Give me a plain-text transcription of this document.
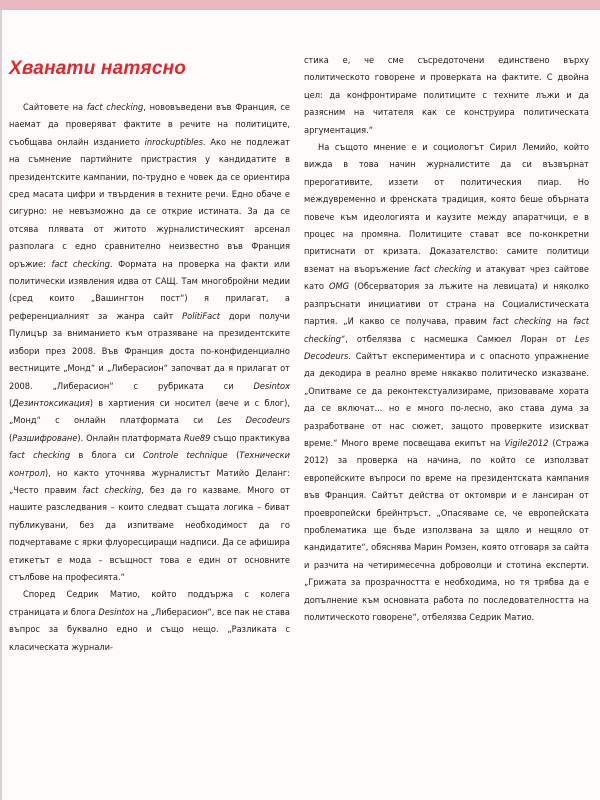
Хванати натясно

Сайтовете на fact checking, нововъведени във Франция, се наемат да проверяват фактите в речите на политиците, съобщава онлайн изданието inrockuptibles. Ако не подлежат на съмнение партийните пристрастия у кандидатите в президентските кампании, по-трудно е човек да се ориентира сред масата цифри и твърдения в техните речи. Едно обаче е сигурно: не невъзможно да се открие истината. За да се отсява плявата от житото журналистическият арсенал разполага с едно сравнително неизвестно във Франция оръжие: fact checking. Формата на проверка на факти или политически изявления идва от САЩ. Там многобройни медии (сред които „Вашингтон пост“) я прилагат, а референциалният за жанра сайт PolitiFact дори получи Пулицър за вниманието към отразяване на президентските избори през 2008. Във Франция доста по-конфиденциално вестниците „Монд“ и „Либерасион“ започват да я прилагат от 2008. „Либерасион“ с рубриката си Desintox (Дезинтоксикация) в хартиения си носител (вече и с блог), „Монд“ с онлайн платформата си Les Decodeurs (Разшифроване). Онлайн платформата Rue89 също практикува fact checking в блога си Controle technique (Технически контрол), но както уточнява журналистът Матийо Деланг: „Често правим fact checking, без да го казваме. Много от нашите разследвания – които следват същата логика – биват публикувани, без да изпитваме необходимост да го подчертаваме с ярки флуоресциращи надписи. Да се афишира етикетът е мода – всъщност това е един от основните стълбове на професията.“

Според Седрик Матио, който поддържа с колега страницата и блога Desintox на „Либерасион“, все пак не става въпрос за буквално едно и също нещо. „Разликата с класическата журнали-

стика е, че сме съсредоточени единствено върху политическото говорене и проверката на фактите. С двойна цел: да конфронтираме политиците с техните лъжи и да разясним на читателя как се конструира политическата аргументация.“

На същото мнение е и социологът Сирил Лемийо, който вижда в това начин журналистите да си възвърнат прерогативите, иззети от политическия пиар. Но междувременно и френската традиция, която беше обърната повече към идеологията и каузите между апаратчици, е в процес на промяна. Политиците стават все по-конкретни притиснати от кризата. Доказателство: самите политици вземат на въоръжение fact checking и атакуват чрез сайтове като OMG (Обсерватория за лъжите на левицата) и няколко разпръснати инициативи от страна на Социалистическата партия. „И какво се получава, правим fact checking на fact checking“, отбелязва с насмешка Самюел Лоран от Les Decodeurs. Сайтът експериментира и с опасното упражнение да декодира в реално време някакво политическо изказване. „Опитваме се да реконтекстуализираме, призоваваме хората да се включат... но е много по-лесно, ако става дума за разработване от нас сюжет, защото проверките изискват време.“ Много време посвещава екипът на Vigile2012 (Стража 2012) за проверка на начина, по който се използват европейските въпроси по време на президентската кампания във Франция. Сайтът действа от октомври и е лансиран от проевропейски брейнтръст. „Опасяваме се, че европейската проблематика ще бъде използвана за щяло и нещяло от кандидатите“, обяснява Марин Ромзен, която отговаря за сайта и разчита на четиримесечна доброволци и стотина експерти. „Грижата за прозрачността е необходима, но тя трябва да е допълнение към основната работа по последователността на политическото говорене“, отбелязва Седрик Матио.
